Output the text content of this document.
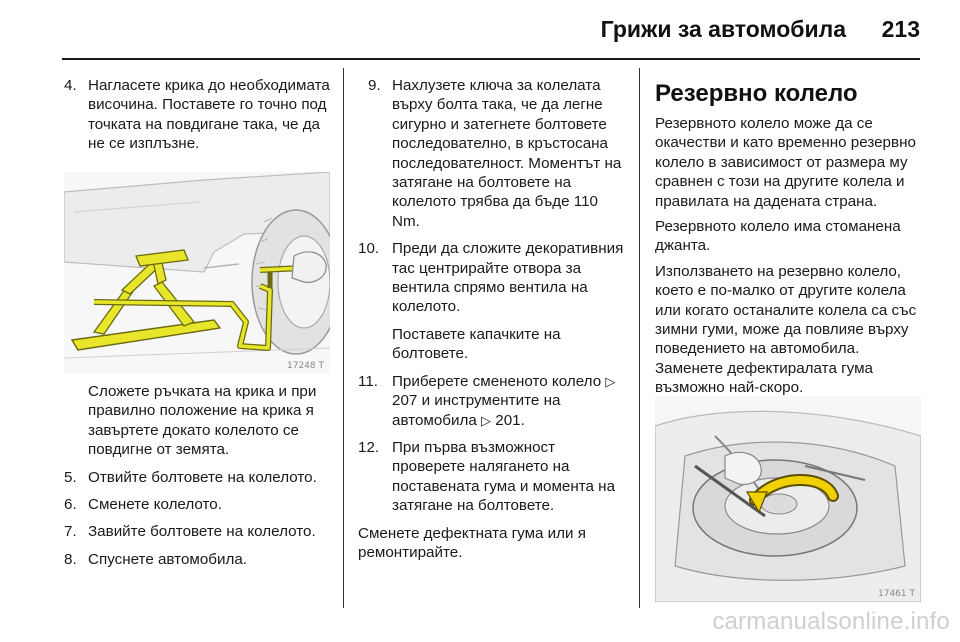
Грижи за автомобила 213
4. Нагласете крика до необходимата височина. Поставете го точно под точката на повдигане така, че да не се изплъзне.
17248 T

Сложете ръчката на крика и при правилно положение на крика я завъртете докато колелото се повдигне от земята.

5. Отвийте болтовете на колелото.
6. Сменете колелото.
7. Завийте болтовете на колелото.
8. Спуснете автомобила.
9. Нахлузете ключа за колелата върху болта така, че да легне сигурно и затегнете болтовете последователно, в кръстосана последователност. Моментът на затягане на болтовете на колелото трябва да бъде 110 Nm.
10. Преди да сложите декоративния тас центрирайте отвора за вентила спрямо вентила на колелото.

Поставете капачките на болтовете.

11. Приберете смененото колело ▷ 207 и инструментите на автомобила ▷ 201.
12. При първа възможност проверете налягането на поставената гума и момента на затягане на болтовете.

Сменете дефектната гума или я ремонтирайте.

Резервно колело

Резервното колело може да се окачестви и като временно резервно колело в зависимост от размера му сравнен с този на другите колела и правилата на дадената страна.

Резервното колело има стоманена джанта.

Използването на резервно колело, което е по-малко от другите колела или когато останалите колела са със зимни гуми, може да повлияе върху поведението на автомобила. Заменете дефектиралата гума възможно най-скоро.

17461 T
carmanualsonline.info
